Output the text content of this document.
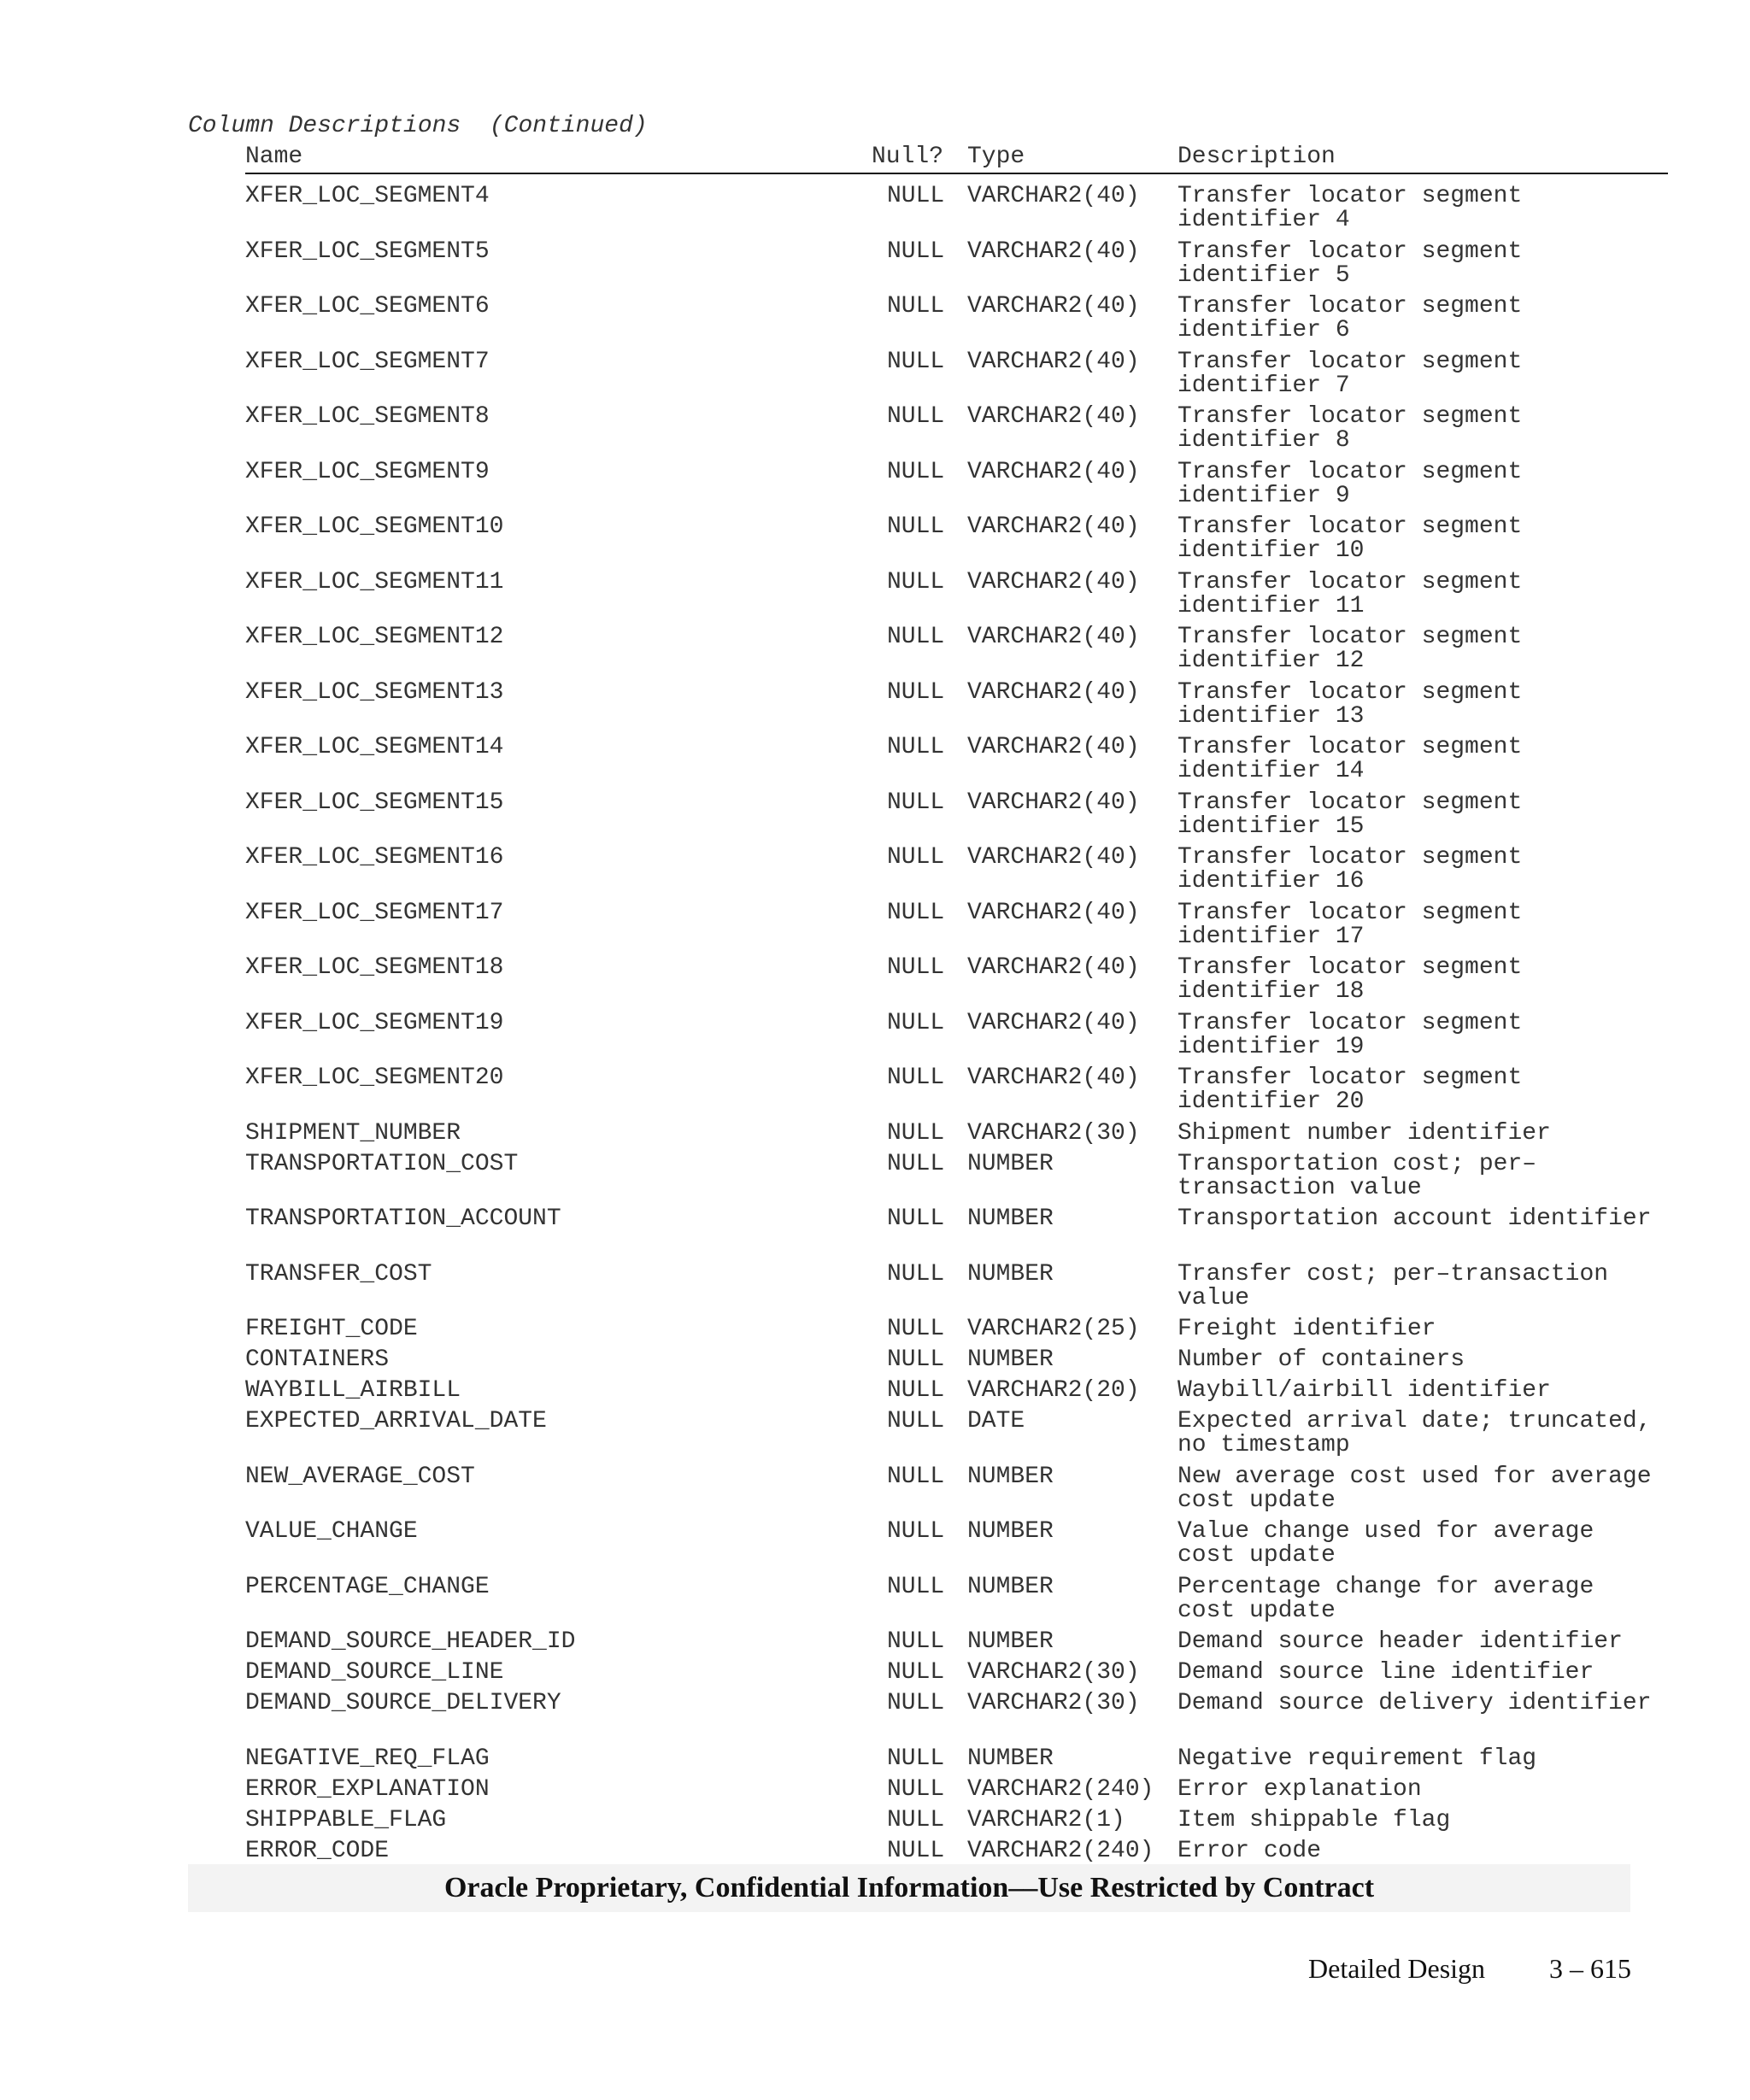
Column Descriptions  (Continued)
Name	Null? Type	Description
XFER_LOC_SEGMENT4	NULL VARCHAR2(40) Transfer locator segment identifier 4
XFER_LOC_SEGMENT5	NULL VARCHAR2(40) Transfer locator segment identifier 5
XFER_LOC_SEGMENT6	NULL VARCHAR2(40) Transfer locator segment identifier 6
XFER_LOC_SEGMENT7	NULL VARCHAR2(40) Transfer locator segment identifier 7
XFER_LOC_SEGMENT8	NULL VARCHAR2(40) Transfer locator segment identifier 8
XFER_LOC_SEGMENT9	NULL VARCHAR2(40) Transfer locator segment identifier 9
XFER_LOC_SEGMENT10	NULL VARCHAR2(40) Transfer locator segment identifier 10
XFER_LOC_SEGMENT11	NULL VARCHAR2(40) Transfer locator segment identifier 11
XFER_LOC_SEGMENT12	NULL VARCHAR2(40) Transfer locator segment identifier 12
XFER_LOC_SEGMENT13	NULL VARCHAR2(40) Transfer locator segment identifier 13
XFER_LOC_SEGMENT14	NULL VARCHAR2(40) Transfer locator segment identifier 14
XFER_LOC_SEGMENT15	NULL VARCHAR2(40) Transfer locator segment identifier 15
XFER_LOC_SEGMENT16	NULL VARCHAR2(40) Transfer locator segment identifier 16
XFER_LOC_SEGMENT17	NULL VARCHAR2(40) Transfer locator segment identifier 17
XFER_LOC_SEGMENT18	NULL VARCHAR2(40) Transfer locator segment identifier 18
XFER_LOC_SEGMENT19	NULL VARCHAR2(40) Transfer locator segment identifier 19
XFER_LOC_SEGMENT20	NULL VARCHAR2(40) Transfer locator segment identifier 20
SHIPMENT_NUMBER	NULL VARCHAR2(30) Shipment number identifier
TRANSPORTATION_COST	NULL NUMBER	Transportation cost; per–transaction value
TRANSPORTATION_ACCOUNT	NULL NUMBER	Transportation account identifier
TRANSFER_COST	NULL NUMBER	Transfer cost; per–transaction value
FREIGHT_CODE	NULL VARCHAR2(25) Freight identifier
CONTAINERS	NULL NUMBER	Number of containers
WAYBILL_AIRBILL	NULL VARCHAR2(20) Waybill/airbill identifier
EXPECTED_ARRIVAL_DATE	NULL DATE	Expected arrival date; truncated, no timestamp
NEW_AVERAGE_COST	NULL NUMBER	New average cost used for average cost update
VALUE_CHANGE	NULL NUMBER	Value change used for average cost update
PERCENTAGE_CHANGE	NULL NUMBER	Percentage change for average cost update
DEMAND_SOURCE_HEADER_ID	NULL NUMBER	Demand source header identifier
DEMAND_SOURCE_LINE	NULL VARCHAR2(30) Demand source line identifier
DEMAND_SOURCE_DELIVERY	NULL VARCHAR2(30) Demand source delivery identifier
NEGATIVE_REQ_FLAG	NULL NUMBER	Negative requirement flag
ERROR_EXPLANATION	NULL VARCHAR2(240) Error explanation
SHIPPABLE_FLAG	NULL VARCHAR2(1) Item shippable flag
ERROR_CODE	NULL VARCHAR2(240) Error code
Oracle Proprietary, Confidential Information––Use Restricted by Contract
Detailed Design 3 – 615
